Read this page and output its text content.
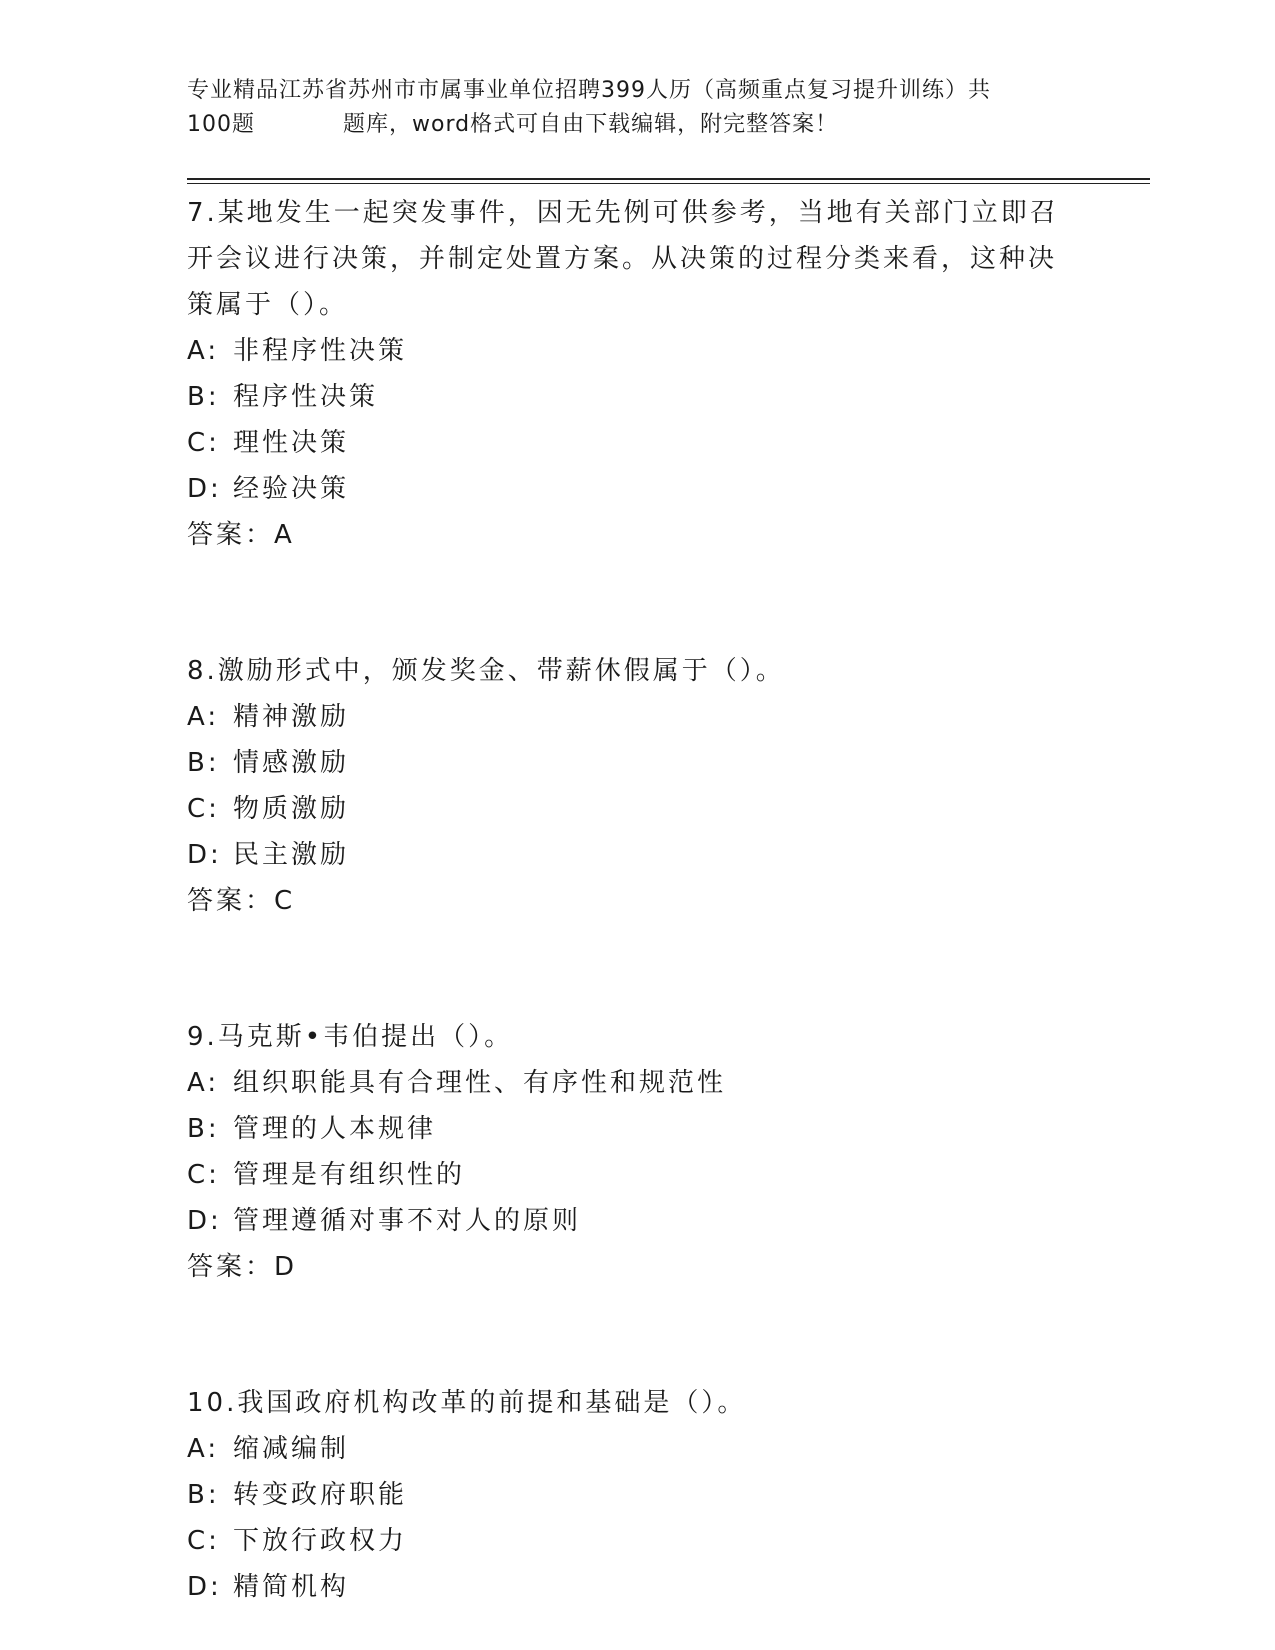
专业精品江苏省苏州市市属事业单位招聘399人历（高频重点复习提升训练）共
100题	题库，word格式可自由下载编辑，附完整答案！
7.某地发生一起突发事件，因无先例可供参考，当地有关部门立即召开会议进行决策，并制定处置方案。从决策的过程分类来看，这种决策属于（）。
A: 非程序性决策
B: 程序性决策
C: 理性决策
D: 经验决策
答案：A
8.激励形式中，颁发奖金、带薪休假属于（）。
A: 精神激励
B: 情感激励
C: 物质激励
D: 民主激励
答案：C
9.马克斯•韦伯提出（）。
A: 组织职能具有合理性、有序性和规范性
B: 管理的人本规律
C: 管理是有组织性的
D: 管理遵循对事不对人的原则
答案：D
10.我国政府机构改革的前提和基础是（）。
A: 缩减编制
B: 转变政府职能
C: 下放行政权力
D: 精简机构
